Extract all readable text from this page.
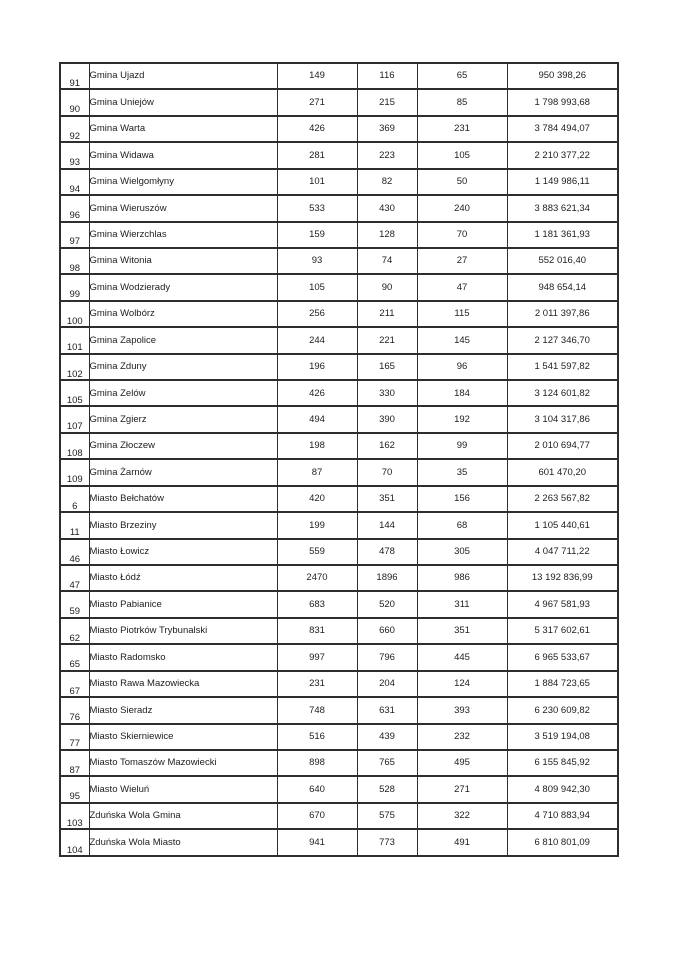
91	Gmina Ujazd	149	116	65	950 398,26
90	Gmina Uniejów	271	215	85	1 798 993,68
92	Gmina Warta	426	369	231	3 784 494,07
93	Gmina Widawa	281	223	105	2 210 377,22
94	Gmina Wielgomłyny	101	82	50	1 149 986,11
96	Gmina Wieruszów	533	430	240	3 883 621,34
97	Gmina Wierzchlas	159	128	70	1 181 361,93
98	Gmina Witonia	93	74	27	552 016,40
99	Gmina Wodzierady	105	90	47	948 654,14
100	Gmina Wolbórz	256	211	115	2 011 397,86
101	Gmina Zapolice	244	221	145	2 127 346,70
102	Gmina Zduny	196	165	96	1 541 597,82
105	Gmina Zelów	426	330	184	3 124 601,82
107	Gmina Zgierz	494	390	192	3 104 317,86
108	Gmina Złoczew	198	162	99	2 010 694,77
109	Gmina Żarnów	87	70	35	601 470,20
6	Miasto Bełchatów	420	351	156	2 263 567,82
11	Miasto Brzeziny	199	144	68	1 105 440,61
46	Miasto Łowicz	559	478	305	4 047 711,22
47	Miasto Łódź	2470	1896	986	13 192 836,99
59	Miasto Pabianice	683	520	311	4 967 581,93
62	Miasto Piotrków Trybunalski	831	660	351	5 317 602,61
65	Miasto Radomsko	997	796	445	6 965 533,67
67	Miasto Rawa Mazowiecka	231	204	124	1 884 723,65
76	Miasto Sieradz	748	631	393	6 230 609,82
77	Miasto Skierniewice	516	439	232	3 519 194,08
87	Miasto Tomaszów Mazowiecki	898	765	495	6 155 845,92
95	Miasto Wieluń	640	528	271	4 809 942,30
103	Zduńska Wola Gmina	670	575	322	4 710 883,94
104	Zduńska Wola Miasto	941	773	491	6 810 801,09
